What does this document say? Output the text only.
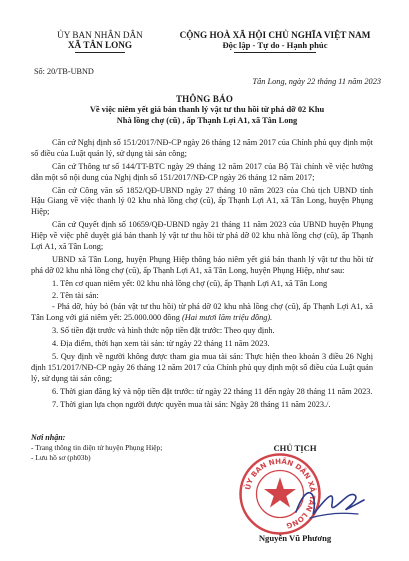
ỦY BAN NHÂN DÂN
XÃ TÂN LONG
Số: 20/TB-UBND
CỘNG HOÀ XÃ HỘI CHỦ NGHĨA VIỆT NAM
Độc lập - Tự do - Hạnh phúc
Tân Long, ngày 22 tháng 11 năm 2023
THÔNG BÁO
Về việc niêm yết giá bán thanh lý vật tư thu hồi từ phá dỡ 02 Khu
Nhà lồng chợ (cũ) , ấp Thạnh Lợi A1, xã Tân Long

Căn cứ Nghị định số 151/2017/NĐ-CP ngày 26 tháng 12 năm 2017 của Chính phủ quy định một số điều của Luật quản lý, sử dụng tài sản công;

Căn cứ Thông tư số 144/TT-BTC ngày 29 tháng 12 năm 2017 của Bộ Tài chính về việc hướng dẫn một số nội dung của Nghị định số 151/2017/NĐ-CP ngày 26 tháng 12 năm 2017;

Căn cứ Công văn số 1852/QĐ-UBND ngày 27 tháng 10 năm 2023 của Chủ tịch UBND tỉnh Hậu Giang về việc thanh lý 02 khu nhà lồng chợ (cũ), ấp Thạnh Lợi A1, xã Tân Long, huyện Phụng Hiệp;

Căn cứ Quyết định số 10659/QĐ-UBND ngày 21 tháng 11 năm 2023 của UBND huyện Phụng Hiệp về việc phê duyệt giá bán thanh lý vật tư thu hồi từ phá dỡ 02 khu nhà lồng chợ (cũ), ấp Thạnh Lợi A1, xã Tân Long;

UBND xã Tân Long, huyện Phụng Hiệp thông báo niêm yết giá bán thanh lý vật tư thu hồi từ phá dỡ 02 khu nhà lồng chợ (cũ), ấp Thạnh Lợi A1, xã Tân Long, huyện Phụng Hiệp, như sau:

1. Tên cơ quan niêm yết: 02 khu nhà lồng chợ (cũ), ấp Thạnh Lợi A1, xã Tân Long

2. Tên tài sản:

- Phá dỡ, hủy bỏ (bán vật tư thu hồi) từ phá dỡ 02 khu nhà lồng chợ (cũ), ấp Thạnh Lợi A1, xã Tân Long với giá niêm yết: 25.000.000 đồng (Hai mươi lăm triệu đồng).

3. Số tiền đặt trước và hình thức nộp tiền đặt trước: Theo quy định.

4. Địa điểm, thời hạn xem tài sản: từ ngày 22 tháng 11 năm 2023.

5. Quy định về người không được tham gia mua tài sản: Thực hiện theo khoản 3 điều 26 Nghị định 151/2017/NĐ-CP ngày 26 tháng 12 năm 2017 của Chính phủ quy định một số điều của Luật quản lý, sử dụng tài sản công;

6. Thời gian đăng ký và nộp tiền đặt trước: từ ngày 22 tháng 11 đến ngày 28 tháng 11 năm 2023.

7. Thời gian lựa chọn người được quyền mua tài sản: Ngày 28 tháng 11 năm 2023./.

Nơi nhận:
- Trang thông tin điện tử huyện Phụng Hiệp;
- Lưu hồ sơ (ph03b)
ỦY BAN NHÂN DÂN XÃ TÂN LONG
CHỦ TỊCH
Nguyễn Vũ Phương
